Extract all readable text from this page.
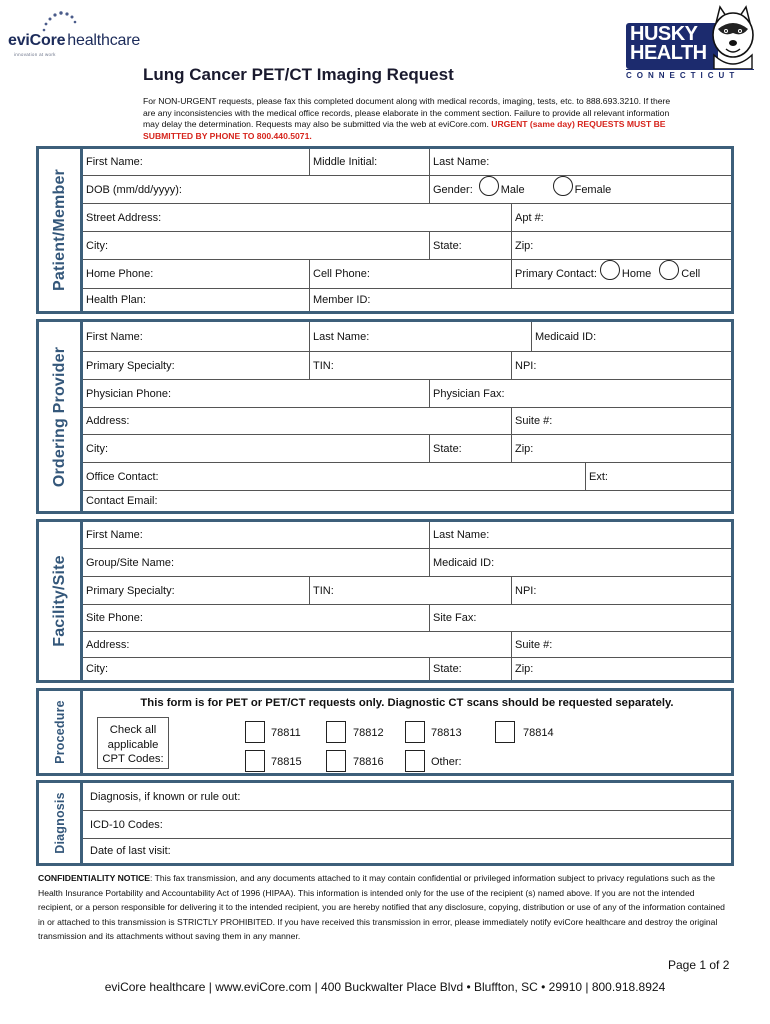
eviCore healthcare
innovation at work
HUSKY
HEALTH
CONNECTICUT
Lung Cancer PET/CT Imaging Request
For NON-URGENT requests, please fax this completed document along with medical records, imaging, tests, etc. to 888.693.3210. If there are any inconsistencies with the medical office records, please elaborate in the comment section. Failure to provide all relevant information may delay the determination. Requests may also be submitted via the web at eviCore.com. URGENT (same day) REQUESTS MUST BE SUBMITTED BY PHONE TO 800.440.5071.
Patient/Member
First Name:	Middle Initial:	Last Name:
DOB (mm/dd/yyyy):	Gender:	Male	Female
Street Address:	Apt #:
City:	State:	Zip:
Home Phone:	Cell Phone:	Primary Contact: Home	Cell
Health Plan:	Member ID:
Ordering Provider
First Name:	Last Name:	Medicaid ID:
Primary Specialty:	TIN:	NPI:
Physician Phone:	Physician Fax:
Address:	Suite #:
City:	State:	Zip:
Office Contact:	Ext:
Contact Email:
Facility/Site
First Name:	Last Name:
Group/Site Name:	Medicaid ID:
Primary Specialty:	TIN:	NPI:
Site Phone:	Site Fax:
Address:	Suite #:
City:	State:	Zip:
Procedure	This form is for PET or PET/CT requests only. Diagnostic CT scans should be requested separately.
Check all
applicable
CPT Codes:
78811	78812	78813	78814
78815	78816	Other:
Diagnosis Diagnosis, if known or rule out:
ICD-10 Codes:
Date of last visit:
CONFIDENTIALITY NOTICE: This fax transmission, and any documents attached to it may contain confidential or privileged information subject to privacy regulations such as the Health Insurance Portability and Accountability Act of 1996 (HIPAA). This information is intended only for the use of the recipient (s) named above. If you are not the intended recipient, or a person responsible for delivering it to the intended recipient, you are hereby notified that any disclosure, copying, distribution or use of any of the information contained in or attached to this transmission is STRICTLY PROHIBITED. If you have received this transmission in error, please immediately notify eviCore healthcare and destroy the original transmission and its attachments without saving them in any manner.
Page 1 of 2
eviCore healthcare | www.eviCore.com | 400 Buckwalter Place Blvd • Bluffton, SC • 29910 | 800.918.8924
